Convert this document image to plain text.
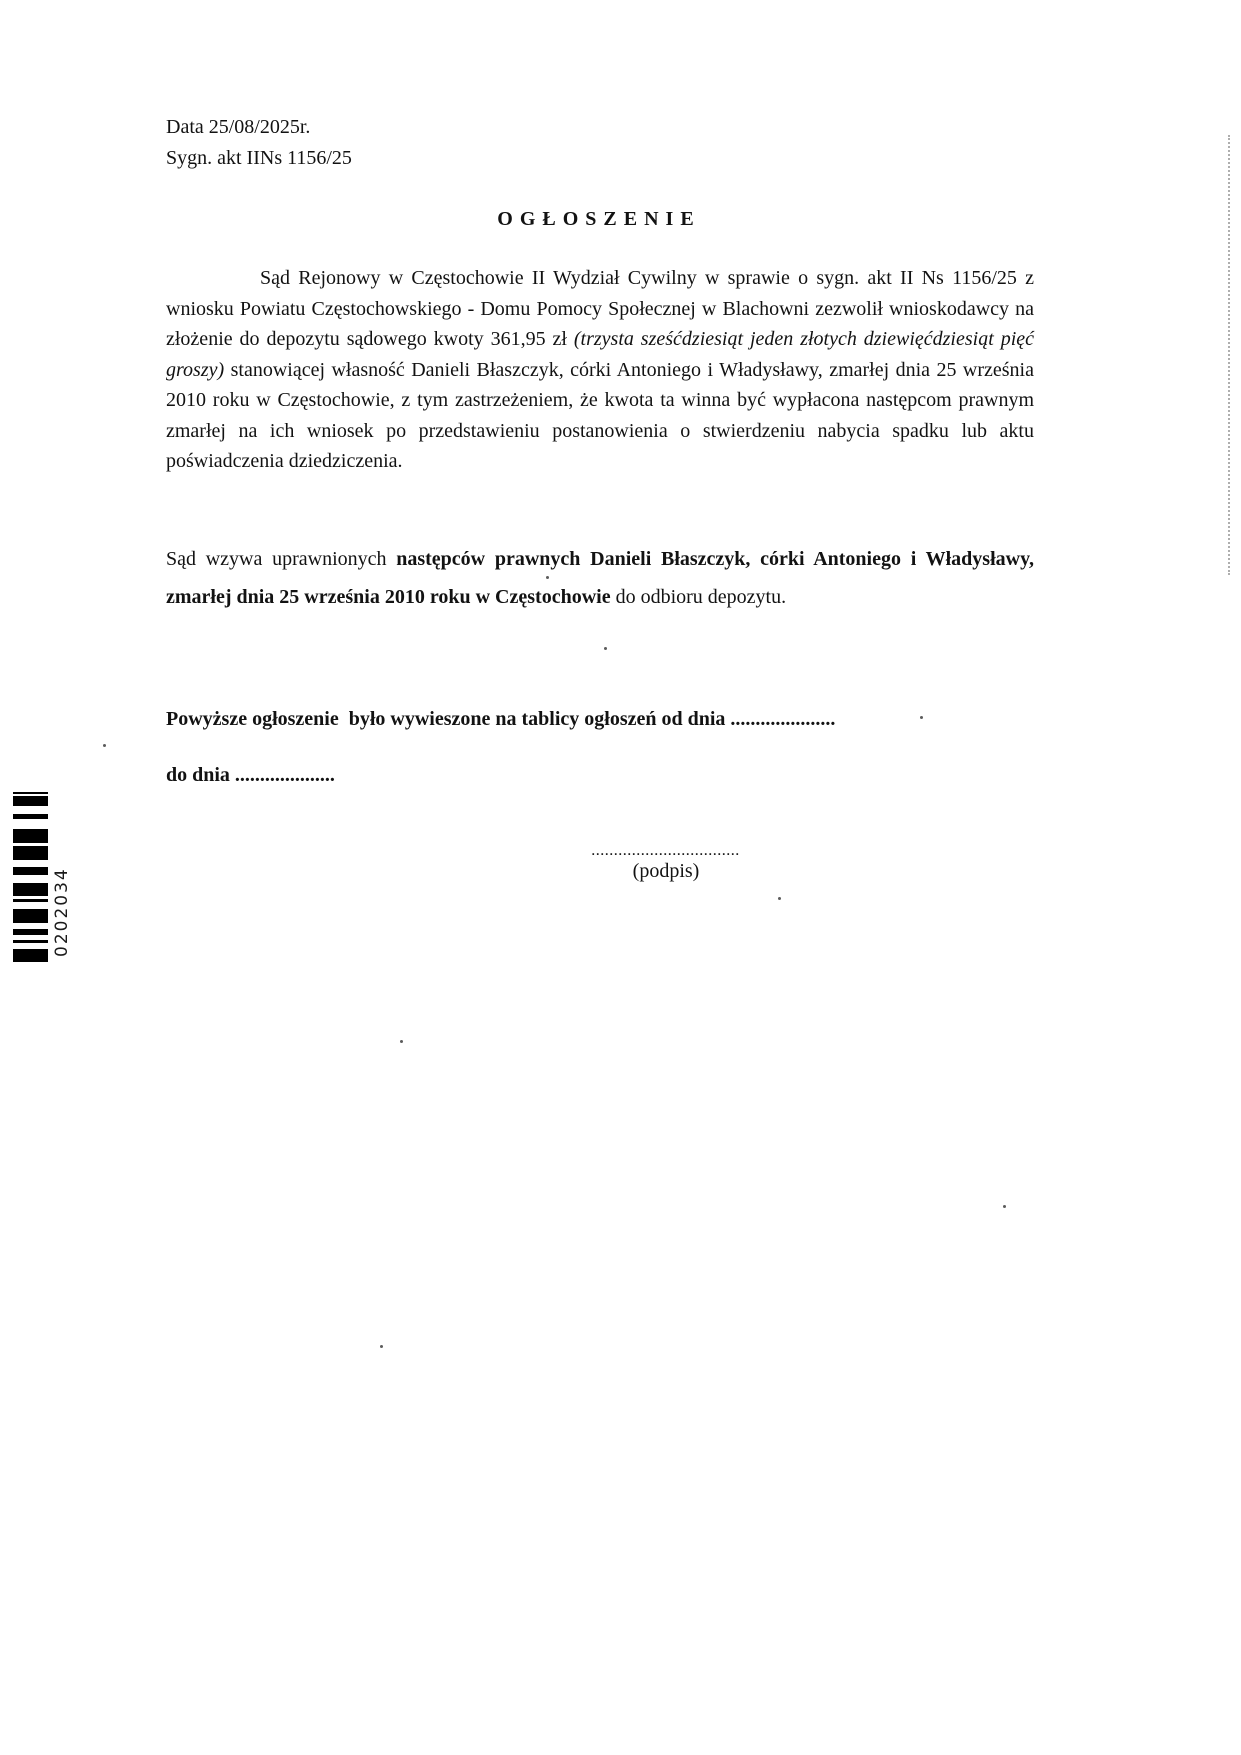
Data 25/08/2025r.
Sygn. akt IINs 1156/25
OGŁOSZENIE
Sąd Rejonowy w Częstochowie II Wydział Cywilny w sprawie o sygn. akt II Ns 1156/25 z wniosku Powiatu Częstochowskiego - Domu Pomocy Społecznej w Blachowni zezwolił wnioskodawcy na złożenie do depozytu sądowego kwoty 361,95 zł (trzysta sześćdziesiąt jeden złotych dziewięćdziesiąt pięć groszy) stanowiącej własność Danieli Błaszczyk, córki Antoniego i Władysławy, zmarłej dnia 25 września 2010 roku w Częstochowie, z tym zastrzeżeniem, że kwota ta winna być wypłacona następcom prawnym zmarłej na ich wniosek po przedstawieniu postanowienia o stwierdzeniu nabycia spadku lub aktu poświadczenia dziedziczenia.
Sąd wzywa uprawnionych następców prawnych Danieli Błaszczyk, córki Antoniego i Władysławy, zmarłej dnia 25 września 2010 roku w Częstochowie do odbioru depozytu.
Powyższe ogłoszenie  było wywieszone na tablicy ogłoszeń od dnia .....................
do dnia ....................
.................................
(podpis)
0202034
